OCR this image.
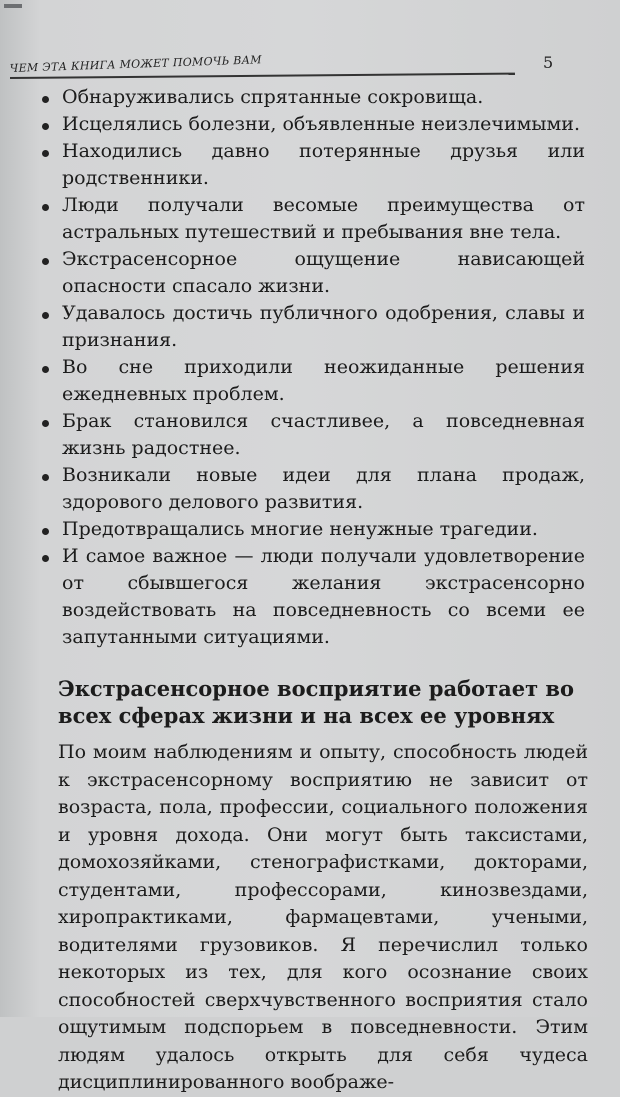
ЧЕМ ЭТА КНИГА МОЖЕТ ПОМОЧЬ ВАМ	5
Обнаруживались спрятанные сокровища.
Исцелялись болезни, объявленные неизлечимыми.
Находились давно потерянные друзья или родственники.
Люди получали весомые преимущества от астральных путешествий и пребывания вне тела.
Экстрасенсорное ощущение нависающей опасности спасало жизни.
Удавалось достичь публичного одобрения, славы и признания.
Во сне приходили неожиданные решения ежедневных проблем.
Брак становился счастливее, а повседневная жизнь радостнее.
Возникали новые идеи для плана продаж, здорового делового развития.
Предотвращались многие ненужные трагедии.
И самое важное — люди получали удовлетворение от сбывшегося желания экстрасенсорно воздействовать на повседневность со всеми ее запутанными ситуациями.
Экстрасенсорное восприятие работает во всех сферах жизни и на всех ее уровнях

По моим наблюдениям и опыту, способность людей к экстрасенсорному восприятию не зависит от возраста, пола, профессии, социального положения и уровня дохода. Они могут быть таксистами, домохозяйками, стенографистками, докторами, студентами, профессорами, кинозвездами, хиропрактиками, фармацевтами, учеными, водителями грузовиков. Я перечислил только некоторых из тех, для кого осознание своих способностей сверхчувственного восприятия стало ощутимым подспорьем в повседневности. Этим людям удалось открыть для себя чудеса дисциплинированного воображе-
